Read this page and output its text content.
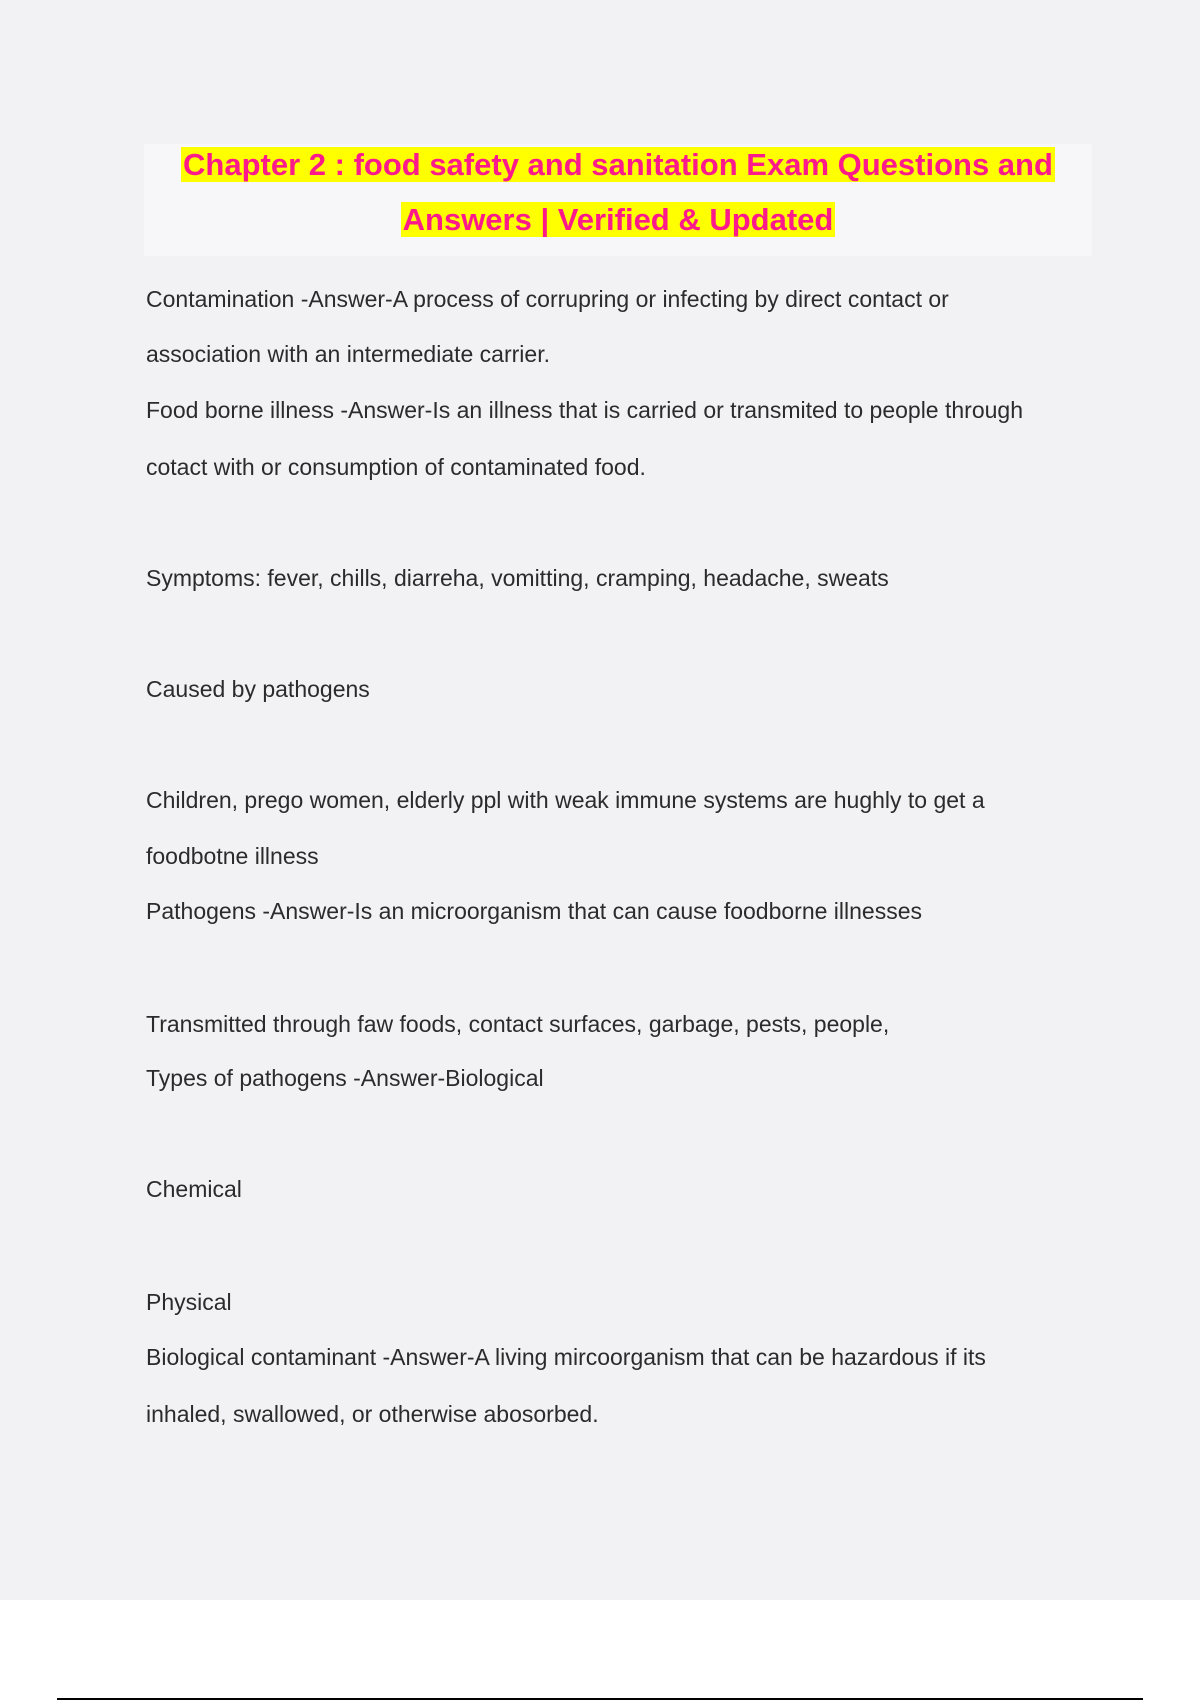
Chapter 2 : food safety and sanitation Exam Questions and
Answers | Verified & Updated

Contamination -Answer-A process of corrupring or infecting by direct contact or

association with an intermediate carrier.

Food borne illness -Answer-Is an illness that is carried or transmited to people through

cotact with or consumption of contaminated food.

Symptoms: fever, chills, diarreha, vomitting, cramping, headache, sweats

Caused by pathogens

Children, prego women, elderly ppl with weak immune systems are hughly to get a

foodbotne illness

Pathogens -Answer-Is an microorganism that can cause foodborne illnesses

Transmitted through faw foods, contact surfaces, garbage, pests, people,

Types of pathogens -Answer-Biological

Chemical

Physical

Biological contaminant -Answer-A living mircoorganism that can be hazardous if its

inhaled, swallowed, or otherwise abosorbed.
